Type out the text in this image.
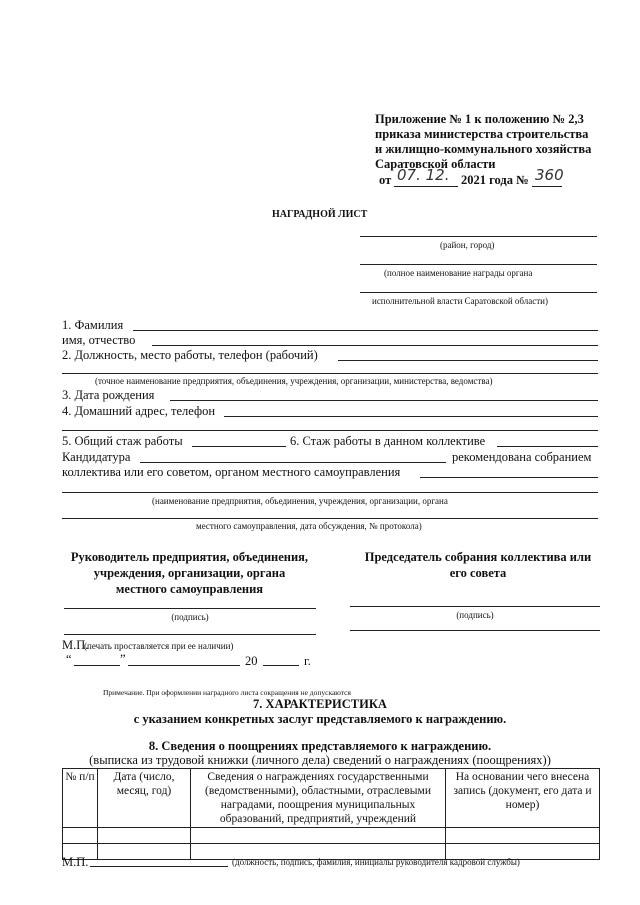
Приложение № 1 к положению № 2,3
приказа министерства строительства
и жилищно-коммунального хозяйства
Саратовской области
от 07. 12. 2021 года № 360
НАГРАДНОЙ ЛИСТ
(район, город)
(полное наименование награды органа
исполнительной власти Саратовской области)
1. Фамилия
имя, отчество
2. Должность, место работы, телефон (рабочий)
(точное наименование предприятия, объединения, учреждения, организации, министерства, ведомства)
3. Дата рождения
4. Домашний адрес, телефон
5. Общий стаж работы	6. Стаж работы в данном коллективе
Кандидатура	рекомендована собранием
коллектива или его советом, органом местного самоуправления
(наименование предприятия, объединения, учреждения, организации, органа
местного самоуправления, дата обсуждения, № протокола)
Руководитель предприятия, объединения,
учреждения, организации, органа
местного самоуправления
Председатель собрания коллектива или
его совета
(подпись)	(подпись)
М.П.
(печать проставляется при ее наличии)
“	”	20	г.
Примечание. При оформлении наградного листа сокращения не допускаются
7. ХАРАКТЕРИСТИКА
с указанием конкретных заслуг представляемого к награждению.
8. Сведения о поощрениях представляемого к награждению.
(выписка из трудовой книжки (личного дела) сведений о награждениях (поощрениях))
№ п/п	Дата (число, месяц, год)	Сведения о награждениях государственными (ведомственными), областными, отраслевыми наградами, поощрения муниципальных образований, предприятий, учреждений	На основании чего внесена запись (документ, его дата и номер)

М.П.	(должность, подпись, фамилия, инициалы руководителя кадровой службы)
